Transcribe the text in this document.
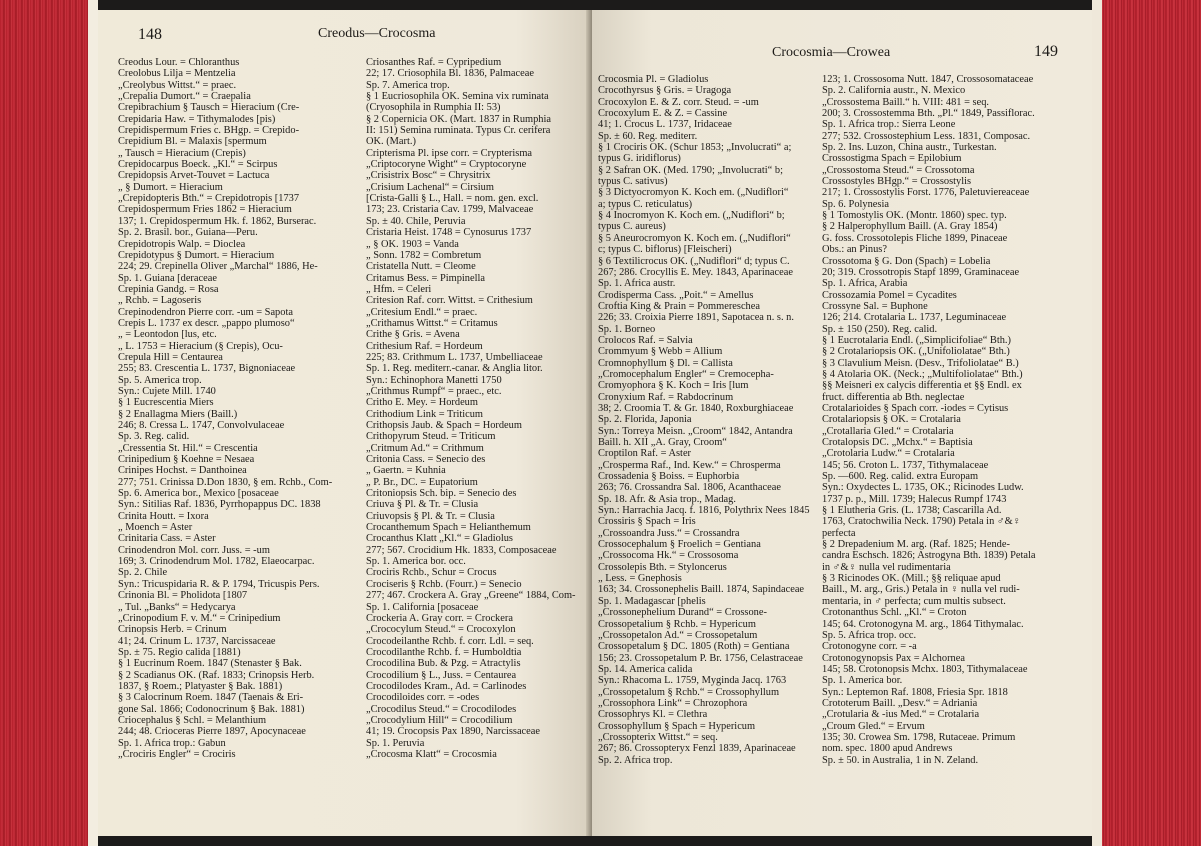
148	Creodus—Crocosma
Creodus Lour. = Chloranthus
Creolobus Lilja = Mentzelia
„Creolybus Wittst.“ = praec.
„Crepalia Dumort.“ = Craepalia
Crepibrachium § Tausch = Hieracium (Cre-
Crepidaria Haw. = Tithymalodes [pis)
Crepidispermum Fries c. BHgp. = Crepido-
Crepidium Bl. = Malaxis [spermum
„ Tausch = Hieracium (Crepis)
Crepidocarpus Boeck. „Kl.“ = Scirpus
Crepidopsis Arvet-Touvet = Lactuca
„ § Dumort. = Hieracium
„Crepidopteris Bth.“ = Crepidotropis [1737
Crepidospermum Fries 1862 = Hieracium
137; 1. Crepidospermum Hk. f. 1862, Burserac.
Sp. 2. Brasil. bor., Guiana—Peru.
Crepidotropis Walp. = Dioclea
Crepidotypus § Dumort. = Hieracium
224; 29. Crepinella Oliver „Marchal“ 1886, He-
Sp. 1. Guiana [deraceae
Crepinia Gandg. = Rosa
„ Rchb. = Lagoseris
Crepinodendron Pierre corr. -um = Sapota
Crepis L. 1737 ex descr. „pappo plumoso“
„ = Leontodon [lus, etc.
„ L. 1753 = Hieracium (§ Crepis), Ocu-
Crepula Hill = Centaurea
255; 83. Crescentia L. 1737, Bignoniaceae
Sp. 5. America trop.
Syn.: Cujete Mill. 1740
§ 1 Eucrescentia Miers
§ 2 Enallagma Miers (Baill.)
246; 8. Cressa L. 1747, Convolvulaceae
Sp. 3. Reg. calid.
„Cressentia St. Hil.“ = Crescentia
Crinipedium § Koehne = Nesaea
Crinipes Hochst. = Danthoinea
277; 751. Crinissa D.Don 1830, § em. Rchb., Com-
Sp. 6. America bor., Mexico [posaceae
Syn.: Sitilias Raf. 1836, Pyrrhopappus DC. 1838
Crinita Houtt. = Ixora
„ Moench = Aster
Crinitaria Cass. = Aster
Crinodendron Mol. corr. Juss. = -um
169; 3. Crinodendrum Mol. 1782, Elaeocarpac.
Sp. 2. Chile
Syn.: Tricuspidaria R. & P. 1794, Tricuspis Pers.
Crinonia Bl. = Pholidota [1807
„ Tul. „Banks“ = Hedycarya
„Crinopodium F. v. M.“ = Crinipedium
Crinopsis Herb. = Crinum
41; 24. Crinum L. 1737, Narcissaceae
Sp. ± 75. Regio calida [1881)
§ 1 Eucrinum Roem. 1847 (Stenaster § Bak.
§ 2 Scadianus OK. (Raf. 1833; Crinopsis Herb.
1837, § Roem.; Platyaster § Bak. 1881)
§ 3 Calocrinum Roem. 1847 (Taenais & Eri-
gone Sal. 1866; Codonocrinum § Bak. 1881)
Criocephalus § Schl. = Melanthium
244; 48. Crioceras Pierre 1897, Apocynaceae
Sp. 1. Africa trop.: Gabun
„Crociris Engler“ = Crociris
Criosanthes Raf. = Cypripedium
22; 17. Criosophila Bl. 1836, Palmaceae
Sp. 7. America trop.
§ 1 Eucriosophila OK. Semina vix ruminata
(Cryosophila in Rumphia II: 53)
§ 2 Copernicia OK. (Mart. 1837 in Rumphia
II: 151) Semina ruminata. Typus Cr. cerifera
OK. (Mart.)
Cripterisma Pl. ipse corr. = Crypterisma
„Criptocoryne Wight“ = Cryptocoryne
„Crisistrix Bosc“ = Chrysitrix
„Crisium Lachenal“ = Cirsium
[Crista-Galli § L., Hall. = nom. gen. excl.
173; 23. Cristaria Cav. 1799, Malvaceae
Sp. ± 40. Chile, Peruvia
Cristaria Heist. 1748 = Cynosurus 1737
„ § OK. 1903 = Vanda
„ Sonn. 1782 = Combretum
Cristatella Nutt. = Cleome
Critamus Bess. = Pimpinella
„ Hfm. = Celeri
Critesion Raf. corr. Wittst. = Crithesium
„Critesium Endl.“ = praec.
„Crithamus Wittst.“ = Critamus
Crithe § Gris. = Avena
Crithesium Raf. = Hordeum
225; 83. Crithmum L. 1737, Umbelliaceae
Sp. 1. Reg. mediterr.-canar. & Anglia litor.
Syn.: Echinophora Manetti 1750
„Crithmus Rumpf“ = praec., etc.
Critho E. Mey. = Hordeum
Crithodium Link = Triticum
Crithopsis Jaub. & Spach = Hordeum
Crithopyrum Steud. = Triticum
„Critmum Ad.“ = Crithmum
Critonia Cass. = Senecio des
„ Gaertn. = Kuhnia
„ P. Br., DC. = Eupatorium
Critoniopsis Sch. bip. = Senecio des
Criuva § Pl. & Tr. = Clusia
Criuvopsis § Pl. & Tr. = Clusia
Crocanthemum Spach = Helianthemum
Crocanthus Klatt „Kl.“ = Gladiolus
277; 567. Crocidium Hk. 1833, Composaceae
Sp. 1. America bor. occ.
Crociris Rchb., Schur = Crocus
Crociseris § Rchb. (Fourr.) = Senecio
277; 467. Crockera A. Gray „Greene“ 1884, Com-
Sp. 1. California [posaceae
Crockeria A. Gray corr. = Crockera
„Crococylum Steud.“ = Crocoxylon
Crocodeilanthe Rchb. f. corr. Ldl. = seq.
Crocodilanthe Rchb. f. = Humboldtia
Crocodilina Bub. & Pzg. = Atractylis
Crocodilium § L., Juss. = Centaurea
Crocodilodes Kram., Ad. = Carlinodes
Crocodiloides corr. = -odes
„Crocodilus Steud.“ = Crocodilodes
„Crocodylium Hill“ = Crocodilium
41; 19. Crocopsis Pax 1890, Narcissaceae
Sp. 1. Peruvia
„Crocosma Klatt“ = Crocosmia
Crocosmia—Crowea	149
Crocosmia Pl. = Gladiolus
Crocothyrsus § Gris. = Uragoga
Crocoxylon E. & Z. corr. Steud. = -um
Crocoxylum E. & Z. = Cassine
41; 1. Crocus L. 1737, Iridaceae
Sp. ± 60. Reg. mediterr.
§ 1 Crociris OK. (Schur 1853; „Involucrati“ a;
typus G. iridiflorus)
§ 2 Safran OK. (Med. 1790; „Involucrati“ b;
typus C. sativus)
§ 3 Dictyocromyon K. Koch em. („Nudiflori“
a; typus C. reticulatus)
§ 4 Inocromyon K. Koch em. („Nudiflori“ b;
typus C. aureus)
§ 5 Aneurocromyon K. Koch em. („Nudiflori“
c; typus C. biflorus) [Fleischeri)
§ 6 Textilicrocus OK. („Nudiflori“ d; typus C.
267; 286. Crocyllis E. Mey. 1843, Aparinaceae
Sp. 1. Africa austr.
Crodisperma Cass. „Poit.“ = Amellus
Croftia King & Prain = Pommereschea
226; 33. Croixia Pierre 1891, Sapotacea n. s. n.
Sp. 1. Borneo
Crolocos Raf. = Salvia
Crommyum § Webb = Allium
Cromnophyllum § Dl. = Callista
„Cromocephalum Engler“ = Cremocepha-
Cromyophora § K. Koch = Iris [lum
Cronyxium Raf. = Rabdocrinum
38; 2. Croomia T. & Gr. 1840, Roxburghiaceae
Sp. 2. Florida, Japonia
Syn.: Torreya Meisn. „Croom“ 1842, Antandra
Baill. h. XII „A. Gray, Croom“
Croptilon Raf. = Aster
„Crosperma Raf., Ind. Kew.“ = Chrosperma
Crossadenia § Boiss. = Euphorbia
263; 76. Crossandra Sal. 1806, Acanthaceae
Sp. 18. Afr. & Asia trop., Madag.
Syn.: Harrachia Jacq. f. 1816, Polythrix Nees 1845
Crossiris § Spach = Iris
„Crossoandra Juss.“ = Crossandra
Crossocephalum § Froelich = Gentiana
„Crossocoma Hk.“ = Crossosoma
Crossolepis Bth. = Styloncerus
„ Less. = Gnephosis
163; 34. Crossonephelis Baill. 1874, Sapindaceae
Sp. 1. Madagascar [phelis
„Crossonephelium Durand“ = Crossone-
Crossopetalium § Rchb. = Hypericum
„Crossopetalon Ad.“ = Crossopetalum
Crossopetalum § DC. 1805 (Roth) = Gentiana
156; 23. Crossopetalum P. Br. 1756, Celastraceae
Sp. 14. America calida
Syn.: Rhacoma L. 1759, Myginda Jacq. 1763
„Crossopetalum § Rchb.“ = Crossophyllum
„Crossophora Link“ = Chrozophora
Crossophrys Kl. = Clethra
Crossophyllum § Spach = Hypericum
„Crossopterix Wittst.“ = seq.
267; 86. Crossopteryx Fenzl 1839, Aparinaceae
Sp. 2. Africa trop.
123; 1. Crossosoma Nutt. 1847, Crossosomataceae
Sp. 2. California austr., N. Mexico
„Crossostema Baill.“ h. VIII: 481 = seq.
200; 3. Crossostemma Bth. „Pl.“ 1849, Passiflorac.
Sp. 1. Africa trop.: Sierra Leone
277; 532. Crossostephium Less. 1831, Composac.
Sp. 2. Ins. Luzon, China austr., Turkestan.
Crossostigma Spach = Epilobium
„Crossostoma Steud.“ = Crossotoma
Crossostyles BHgp.“ = Crossostylis
217; 1. Crossostylis Forst. 1776, Paletuviereaceae
Sp. 6. Polynesia
§ 1 Tomostylis OK. (Montr. 1860) spec. typ.
§ 2 Halperophyllum Baill. (A. Gray 1854)
G. foss. Crossotolepis Fliche 1899, Pinaceae
Obs.: an Pinus?
Crossotoma § G. Don (Spach) = Lobelia
20; 319. Crossotropis Stapf 1899, Graminaceae
Sp. 1. Africa, Arabia
Crossozamia Pomel = Cycadites
Crossyne Sal. = Buphone
126; 214. Crotalaria L. 1737, Leguminaceae
Sp. ± 150 (250). Reg. calid.
§ 1 Eucrotalaria Endl. („Simplicifoliae“ Bth.)
§ 2 Crotalariopsis OK. („Unifoliolatae“ Bth.)
§ 3 Clavulium Meisn. (Desv., Trifoliolatae“ B.)
§ 4 Atolaria OK. (Neck.; „Multifoliolatae“ Bth.)
§§ Meisneri ex calycis differentia et §§ Endl. ex
fruct. differentia ab Bth. neglectae
Crotalarioides § Spach corr. -iodes = Cytisus
Crotalariopsis § OK. = Crotalaria
„Crotallaria Gled.“ = Crotalaria
Crotalopsis DC. „Mchx.“ = Baptisia
„Crotolaria Ludw.“ = Crotalaria
145; 56. Croton L. 1737, Tithymalaceae
Sp. —600. Reg. calid. extra Europam
Syn.: Oxydectes L. 1735, OK.; Ricinodes Ludw.
1737 p. p., Mill. 1739; Halecus Rumpf 1743
§ 1 Elutheria Gris. (L. 1738; Cascarilla Ad.
1763, Cratochwilia Neck. 1790) Petala in ♂&♀
perfecta
§ 2 Drepadenium M. arg. (Raf. 1825; Hende-
candra Eschsch. 1826; Astrogyna Bth. 1839) Petala
in ♂&♀ nulla vel rudimentaria
§ 3 Ricinodes OK. (Mill.; §§ reliquae apud
Baill., M. arg., Gris.) Petala in ♀ nulla vel rudi-
mentaria, in ♂ perfecta; cum multis subsect.
Crotonanthus Schl. „Kl.“ = Croton
145; 64. Crotonogyna M. arg., 1864 Tithymalac.
Sp. 5. Africa trop. occ.
Crotonogyne corr. = -a
Crotonogynopsis Pax = Alchornea
145; 58. Crotonopsis Mchx. 1803, Tithymalaceae
Sp. 1. America bor.
Syn.: Leptemon Raf. 1808, Friesia Spr. 1818
Crototerum Baill. „Desv.“ = Adriania
„Crotularia & -ius Med.“ = Crotalaria
„Croum Gled.“ = Ervum
135; 30. Crowea Sm. 1798, Rutaceae. Primum
nom. spec. 1800 apud Andrews
Sp. ± 50. in Australia, 1 in N. Zeland.
